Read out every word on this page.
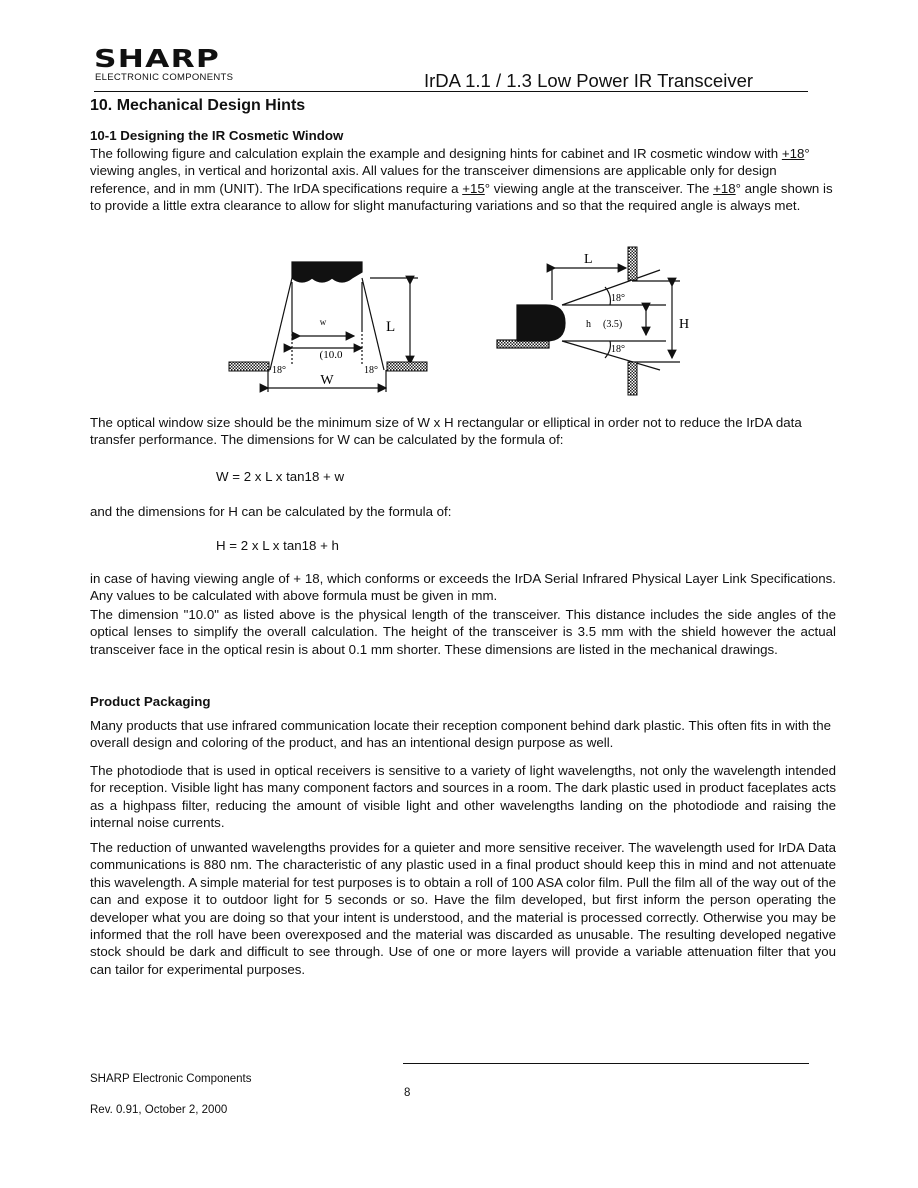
SHARP
ELECTRONIC COMPONENTS	IrDA 1.1 / 1.3 Low Power IR Transceiver
10. Mechanical Design Hints
10-1 Designing the IR Cosmetic Window

The following figure and calculation explain the example and designing hints for cabinet and IR cosmetic window with +18° viewing angles, in vertical and horizontal axis. All values for the transceiver dimensions are applicable only for design reference, and in mm (UNIT). The IrDA specifications require a +15° viewing angle at the transceiver. The +18° angle shown is to provide a little extra clearance to allow for slight manufacturing variations and so that the required angle is always met.

w	L
(10.0
W
18°	18°
L
18°
h (3.5)
18°
H

The optical window size should be the minimum size of W x H rectangular or elliptical in order not to reduce the IrDA data transfer performance. The dimensions for W can be calculated by the formula of:

W = 2 x L x tan18 + w

and the dimensions for H can be calculated by the formula of:

H = 2 x L x tan18 + h

in case of having viewing angle of + 18, which conforms or exceeds the IrDA Serial Infrared Physical Layer Link Specifications. Any values to be calculated with above formula must be given in mm.

The dimension "10.0" as listed above is the physical length of the transceiver. This distance includes the side angles of the optical lenses to simplify the overall calculation. The height of the transceiver is 3.5 mm with the shield however the actual transceiver face in the optical resin is about 0.1 mm shorter. These dimensions are listed in the mechanical drawings.

Product Packaging

Many products that use infrared communication locate their reception component behind dark plastic. This often fits in with the overall design and coloring of the product, and has an intentional design purpose as well.

The photodiode that is used in optical receivers is sensitive to a variety of light wavelengths, not only the wavelength intended for reception. Visible light has many component factors and sources in a room. The dark plastic used in product faceplates acts as a highpass filter, reducing the amount of visible light and other wavelengths landing on the photodiode and raising the internal noise currents.

The reduction of unwanted wavelengths provides for a quieter and more sensitive receiver. The wavelength used for IrDA Data communications is 880 nm. The characteristic of any plastic used in a final product should keep this in mind and not attenuate this wavelength. A simple material for test purposes is to obtain a roll of 100 ASA color film. Pull the film all of the way out of the can and expose it to outdoor light for 5 seconds or so. Have the film developed, but first inform the person operating the developer what you are doing so that your intent is understood, and the material is processed correctly. Otherwise you may be informed that the roll have been overexposed and the material was discarded as unusable. The resulting developed negative stock should be dark and difficult to see through. Use of one or more layers will provide a variable attenuation filter that you can tailor for experimental purposes.

SHARP Electronic Components
8
Rev. 0.91, October 2, 2000
